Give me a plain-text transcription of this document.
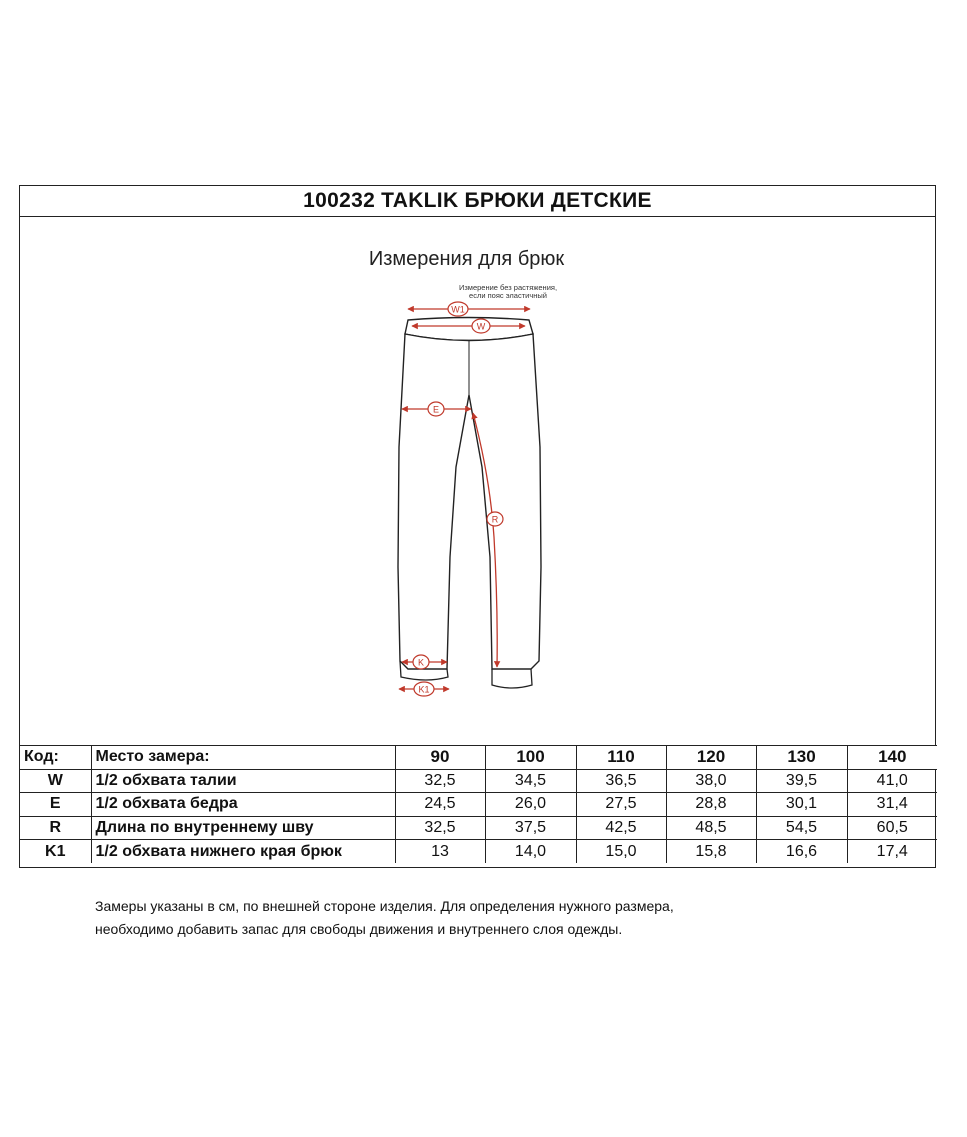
100232 TAKLIK БРЮКИ ДЕТСКИЕ
Измерения для брюк
Измерение без растяжения,
если пояс эластичный
W1
W
E
R
K
K1
Код:	Место замера:	90	100	110	120	130	140
W	1/2 обхвата талии	32,5	34,5	36,5	38,0	39,5	41,0
E	1/2 обхвата бедра	24,5	26,0	27,5	28,8	30,1	31,4
R	Длина по внутреннему шву	32,5	37,5	42,5	48,5	54,5	60,5
K1	1/2 обхвата нижнего края брюк	13	14,0	15,0	15,8	16,6	17,4
Замеры указаны в см, по внешней стороне изделия. Для определения нужного размера,
необходимо добавить запас для свободы движения и внутреннего слоя одежды.
